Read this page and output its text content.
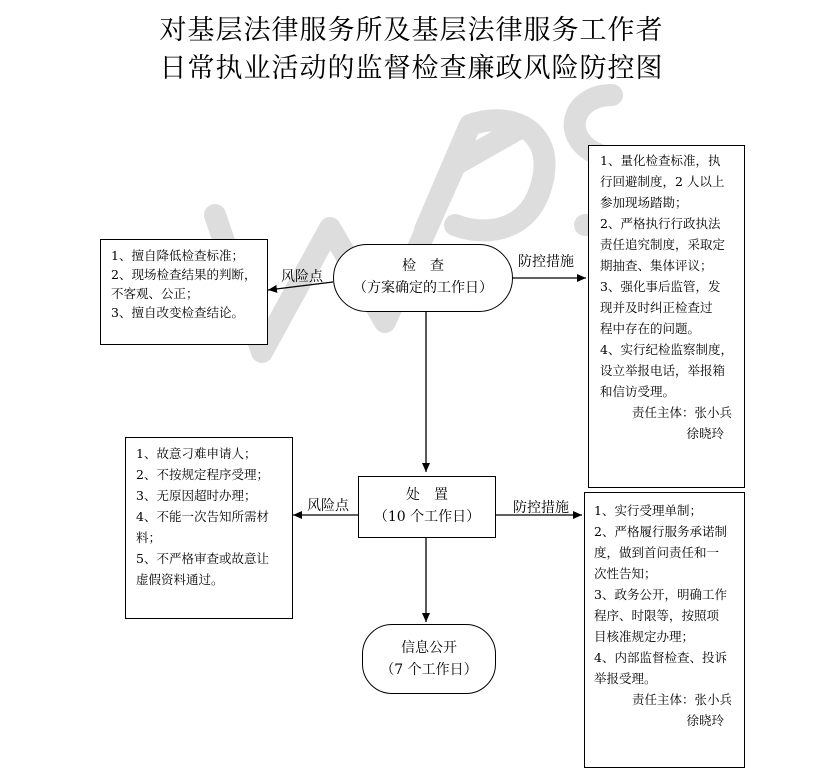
对基层法律服务所及基层法律服务工作者
日常执业活动的监督检查廉政风险防控图
1、擅自降低检查标准；
2、现场检查结果的判断，
不客观、公正；
3、擅自改变检查结论。
检　查
（方案确定的工作日）
风险点
防控措施
1、量化检查标准，执
行回避制度，2 人以上
参加现场踏勘；
2、严格执行行政执法
责任追究制度，采取定
期抽查、集体评议；
3、强化事后监管，发
现并及时纠正检查过
程中存在的问题。
4、实行纪检监察制度，
设立举报电话，举报箱
和信访受理。
责任主体：张小兵
徐晓玲
1、故意刁难申请人；
2、不按规定程序受理；
3、无原因超时办理；
4、不能一次告知所需材
料；
5、不严格审查或故意让
虚假资料通过。
处　置
（10 个工作日）
风险点	防控措施 1、实行受理单制；
2、严格履行服务承诺制
度，做到首问责任和一
次性告知；
3、政务公开，明确工作
程序、时限等，按照项
目核准规定办理；
4、内部监督检查、投诉
举报受理。
责任主体：张小兵
徐晓玲
信息公开
（7 个工作日）
